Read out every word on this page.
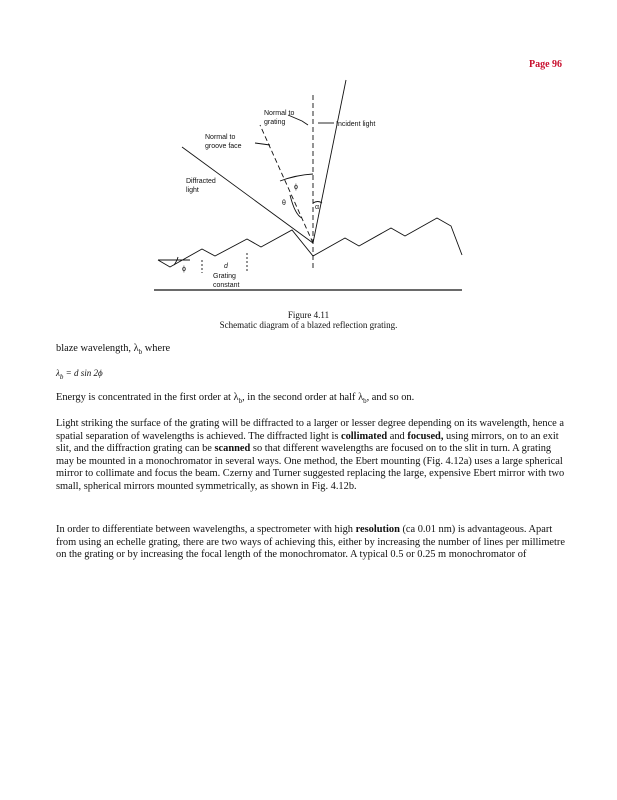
Page 96
Normal to
grating	Incident light
Normal to
groove face
Diffracted
light	ϕ
θ
α
ϕ	d
Grating
constant
Figure 4.11
Schematic diagram of a blazed reflection grating.
blaze wavelength, $\lambda_b$ where
$\lambda_b = d$ sin 2ϕ
Energy is concentrated in the first order at $\lambda_b$, in the second order at half $\lambda_b$, and so on.
Light striking the surface of the grating will be diffracted to a larger or lesser degree depending on its wavelength, hence a spatial separation of wavelengths is achieved. The diffracted light is collimated and focused, using mirrors, on to an exit slit, and the diffraction grating can be scanned so that different wavelengths are focused on to the slit in turn. A grating may be mounted in a monochromator in several ways. One method, the Ebert mounting (Fig. 4.12a) uses a large spherical mirror to collimate and focus the beam. Czerny and Turner suggested replacing the large, expensive Ebert mirror with two small, spherical mirrors mounted symmetrically, as shown in Fig. 4.12b.
In order to differentiate between wavelengths, a spectrometer with high resolution (ca 0.01 nm) is advantageous. Apart from using an echelle grating, there are two ways of achieving this, either by increasing the number of lines per millimetre on the grating or by increasing the focal length of the monochromator. A typical 0.5 or 0.25 m monochromator of
